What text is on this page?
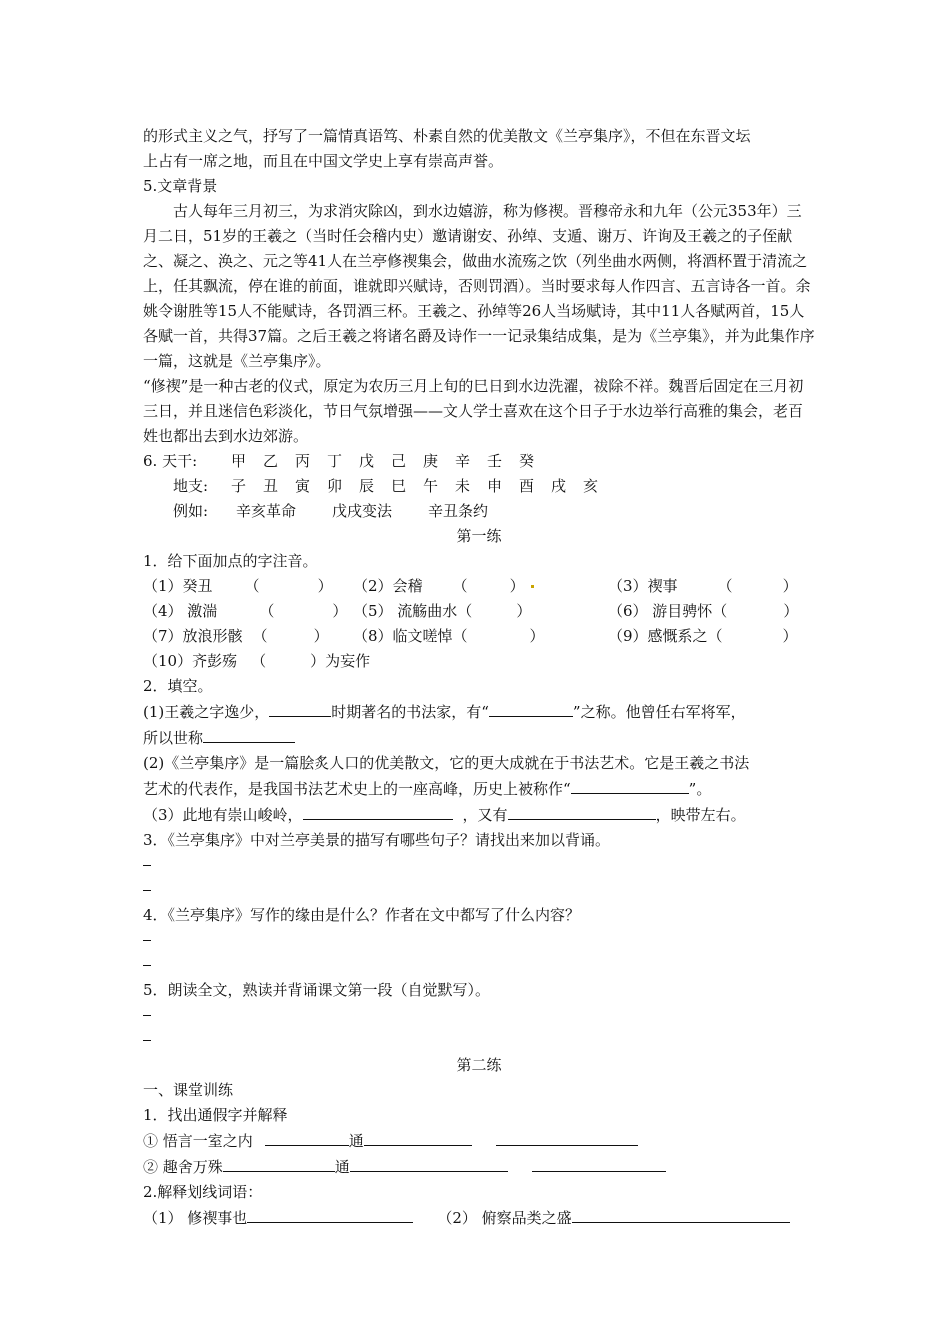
的形式主义之气，抒写了一篇情真语笃、朴素自然的优美散文《兰亭集序》，不但在东晋文坛

上占有一席之地，而且在中国文学史上享有崇高声誉。

5.文章背景

古人每年三月初三，为求消灾除凶，到水边嬉游，称为修禊。晋穆帝永和九年（公元353年）三月二日，51岁的王羲之（当时任会稽内史）邀请谢安、孙绰、支遁、谢万、许询及王羲之的子侄献之、凝之、涣之、元之等41人在兰亭修禊集会，做曲水流殇之饮（列坐曲水两侧，将酒杯置于清流之上，任其飘流，停在谁的前面，谁就即兴赋诗，否则罚酒）。当时要求每人作四言、五言诗各一首。余姚令谢胜等15人不能赋诗，各罚酒三杯。王羲之、孙绰等26人当场赋诗，其中11人各赋两首，15人各赋一首，共得37篇。之后王羲之将诸名爵及诗作一一记录集结成集，是为《兰亭集》，并为此集作序一篇，这就是《兰亭集序》。

“修禊”是一种古老的仪式，原定为农历三月上旬的巳日到水边洗濯，祓除不祥。魏晋后固定在三月初三日，并且迷信色彩淡化，节日气氛增强——文人学士喜欢在这个日子于水边举行高雅的集会，老百姓也都出去到水边郊游。

6. 天干:	甲	乙	丙	丁	戊	己	庚	辛	壬	癸
地支:	子	丑	寅	卯	辰	巳	午	未	申	酉	戌	亥
例如:	辛亥革命	戊戌变法	辛丑条约

第一练

1．给下面加点的字注音。

（1）癸丑 （	）	（2）会稽 （	）	（3）禊事	（	）
（4） 激湍	（	） （5） 流觞曲水（	）	（6） 游目骋怀（	）
（7）放浪形骸 （	）	（8）临文嗟悼（	）	（9）感慨系之（	）
（10）齐彭殇 （	） 为妄作

2．填空。

(1)王羲之字逸少，	时期著名的书法家，有“	”之称。他曾任右军将军，

所以世称

(2)《兰亭集序》是一篇脍炙人口的优美散文，它的更大成就在于书法艺术。它是王羲之书法

艺术的代表作，是我国书法艺术史上的一座高峰，历史上被称作“	”。

（3）此地有崇山峻岭，	，又有	，映带左右。

3．《兰亭集序》中对兰亭美景的描写有哪些句子？请找出来加以背诵。

4．《兰亭集序》写作的缘由是什么？作者在文中都写了什么内容？

5．朗读全文，熟读并背诵课文第一段（自觉默写）。

第二练

一、课堂训练

1．找出通假字并解释

① 悟言一室之内	通

② 趣舍万殊	通

2.解释划线词语：

（1） 修禊事也	（2） 俯察品类之盛
